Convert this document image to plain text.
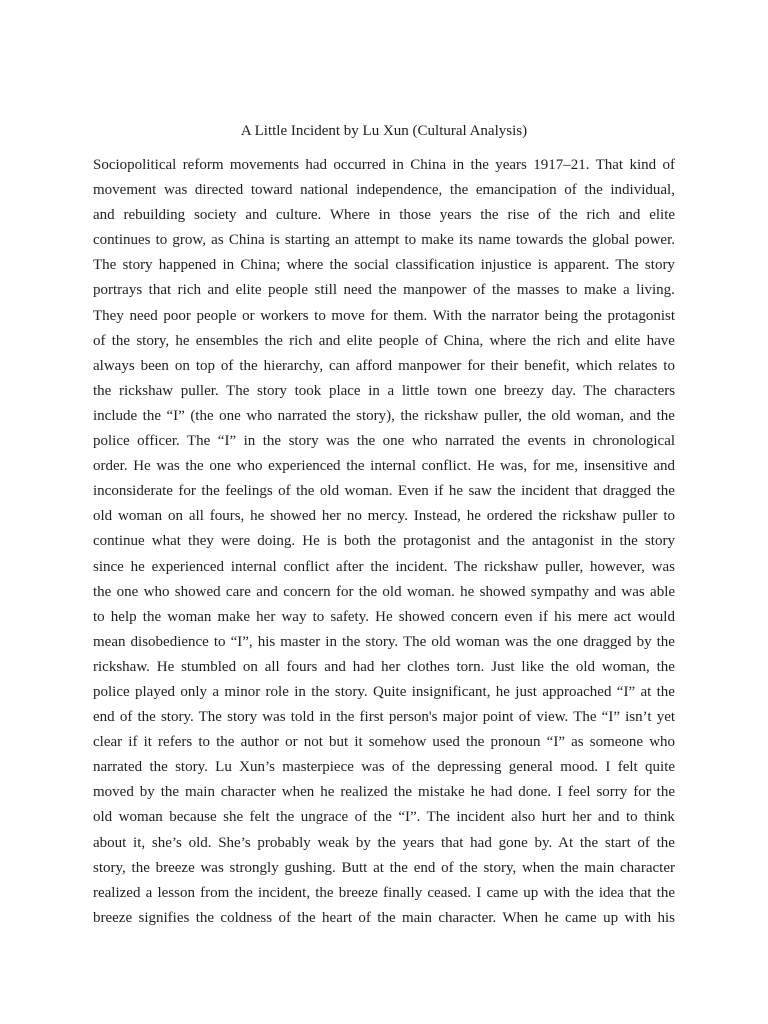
A Little Incident by Lu Xun (Cultural Analysis)
Sociopolitical reform movements had occurred in China in the years 1917–21. That kind of
movement was directed toward national independence, the emancipation of the individual,
and rebuilding society and culture. Where in those years the rise of the rich and elite
continues to grow, as China is starting an attempt to make its name towards the global power.
The story happened in China; where the social classification injustice is apparent. The story
portrays that rich and elite people still need the manpower of the masses to make a living.
They need poor people or workers to move for them. With the narrator being the protagonist
of the story, he ensembles the rich and elite people of China, where the rich and elite have
always been on top of the hierarchy, can afford manpower for their benefit, which relates to
the rickshaw puller. The story took place in a little town one breezy day. The characters
include the “I” (the one who narrated the story), the rickshaw puller, the old woman, and the
police officer. The “I” in the story was the one who narrated the events in chronological
order. He was the one who experienced the internal conflict. He was, for me, insensitive and
inconsiderate for the feelings of the old woman. Even if he saw the incident that dragged the
old woman on all fours, he showed her no mercy. Instead, he ordered the rickshaw puller to
continue what they were doing. He is both the protagonist and the antagonist in the story
since he experienced internal conflict after the incident. The rickshaw puller, however, was
the one who showed care and concern for the old woman. he showed sympathy and was able
to help the woman make her way to safety. He showed concern even if his mere act would
mean disobedience to “I”, his master in the story. The old woman was the one dragged by the
rickshaw. He stumbled on all fours and had her clothes torn. Just like the old woman, the
police played only a minor role in the story. Quite insignificant, he just approached “I” at the
end of the story. The story was told in the first person's major point of view. The “I” isn’t yet
clear if it refers to the author or not but it somehow used the pronoun “I” as someone who
narrated the story. Lu Xun’s masterpiece was of the depressing general mood. I felt quite
moved by the main character when he realized the mistake he had done. I feel sorry for the
old woman because she felt the ungrace of the “I”. The incident also hurt her and to think
about it, she’s old. She’s probably weak by the years that had gone by. At the start of the
story, the breeze was strongly gushing. Butt at the end of the story, when the main character
realized a lesson from the incident, the breeze finally ceased. I came up with the idea that the
breeze signifies the coldness of the heart of the main character. When he came up with his
